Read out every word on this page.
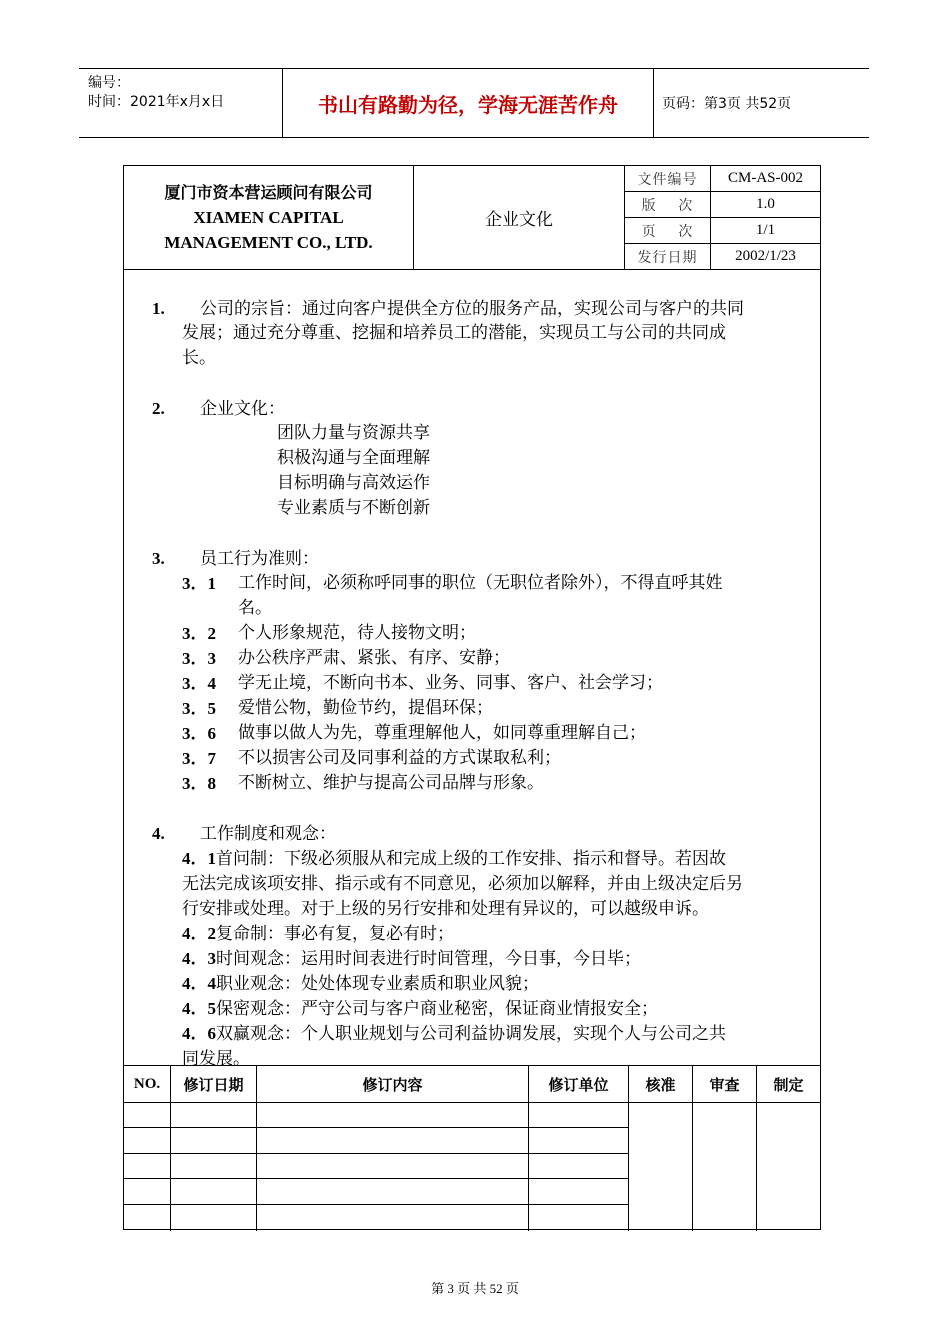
编号：
时间：2021年x月x日	书山有路勤为径，学海无涯苦作舟	页码：第3页 共52页
厦门市资本营运顾问有限公司
XIAMEN CAPITAL
MANAGEMENT CO., LTD.
企业文化
文件编号	CM-AS-002
版    次	1.0
页    次	1/1
发行日期	2002/1/23
1. 公司的宗旨：通过向客户提供全方位的服务产品，实现公司与客户的共同
发展；通过充分尊重、挖掘和培养员工的潜能，实现员工与公司的共同成
长。
2. 企业文化：
团队力量与资源共享
积极沟通与全面理解
目标明确与高效运作
专业素质与不断创新
3. 员工行为准则：
3．1 工作时间，必须称呼同事的职位（无职位者除外），不得直呼其姓
名。
3．2 个人形象规范，待人接物文明；
3．3 办公秩序严肃、紧张、有序、安静；
3．4 学无止境，不断向书本、业务、同事、客户、社会学习；
3．5 爱惜公物，勤俭节约，提倡环保；
3．6 做事以做人为先，尊重理解他人，如同尊重理解自己；
3．7 不以损害公司及同事利益的方式谋取私利；
3．8 不断树立、维护与提高公司品牌与形象。
4. 工作制度和观念：
4．1首问制：下级必须服从和完成上级的工作安排、指示和督导。若因故
无法完成该项安排、指示或有不同意见，必须加以解释，并由上级决定后另
行安排或处理。对于上级的另行安排和处理有异议的，可以越级申诉。
4．2复命制：事必有复，复必有时；
4．3时间观念：运用时间表进行时间管理，今日事，今日毕；
4．4职业观念：处处体现专业素质和职业风貌；
4．5保密观念：严守公司与客户商业秘密，保证商业情报安全；
4．6双赢观念：个人职业规划与公司利益协调发展，实现个人与公司之共
同发展。
NO.	修订日期	修订内容	修订单位	核准	审查	制定
第 3 页 共 52 页
